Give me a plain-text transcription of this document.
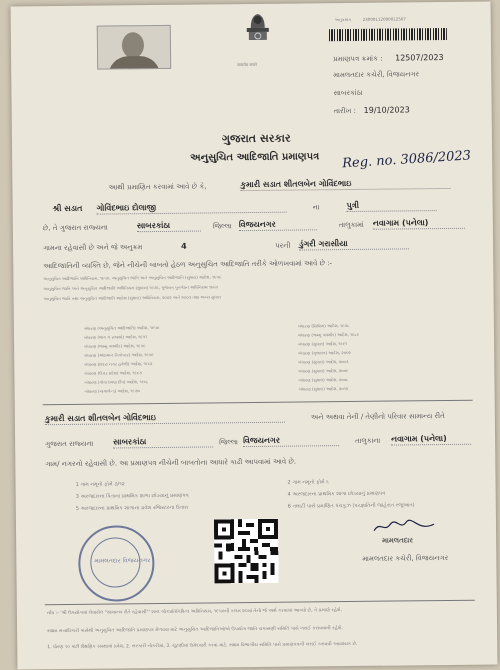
सत्यमेव जयते
અનુક્રમાંક	23000112000012507
પ્રમાણપત્ર ક્રમાંક : 12507/2023
મામલતદાર કચેરી, વિજયનગર
સાબરકાંઠા
તારીખ : 19/10/2023
ગુજરાત સરકાર
અનુસુચિત આદિજાતિ પ્રમાણપત્ર Reg. no. 3086/2023
આથી પ્રમાણિત કરવામાં આવે છે કે,	કુમારી સડાત શીતલબેન ગોવિંદભાઇ
શ્રી સડાત ગોવિંદભાઇ દોલાજી	ના	પુત્રી
છે, તે ગુજરાત રાજ્યના	સાબરકાંઠા	જિલ્લા વિજયનગર	તાલુકામાં નવાગામ (પનેલા)
ગામના રહેવાસી છે અને જે અનુક્રમ	4	પરની ડુંગરી ગરાસીયા
આદિજાતિની વ્યક્તિ છે, જેને નીચેની બાબતો હેઠળ અનુસુચિત આદિજાતિ તરીકે ઓળખવામાં આવે છે :-
અનુસુચિત આદિજાતિ અધિનિયમ, ૧૯૫૦, અનુસુચિત જાતિ અને અનુસુચિત આદિજાતિ (સુધારા) આદેશ, ૧૯૫૬
અનુસુચિત જાતિ અને અનુસુચિત આદિજાતિ અધિનિયમ (સુધારા) ૧૯૭૬, ગુજરાત પુનર્ગઠન અધિનિયમ ૧૯૬૦
અનુસુચિત જાતિ તથા અનુસુચિત આદિજાતિ આદેશ (સુધારા) અધિનિયમ, ૨૦૦૨ અને ૨૦૦૩ તથા અન્ય સુધારા
બંધારણ (અનુસુચિત આદિજાતિ) આદેશ, ૧૯૫૦
બંધારણ (ભાગ ગ રાજ્યો) આદેશ, ૧૯૫૧
બંધારણ (જમ્મુ કાશ્મીર) આદેશ, ૧૯૫૬
બંધારણ (અંદામાન નિકોબાર) આદેશ, ૧૯૫૯
બંધારણ (દાદરા નગર હવેલી) આદેશ, ૧૯૬૨
બંધારણ (ઉત્તર પ્રદેશ) આદેશ, ૧૯૬૭
બંધારણ (ગોવા દમણ દીવ) આદેશ, ૧૯૬૮
બંધારણ (નાગાલેન્ડ) આદેશ, ૧૯૭૦
બંધારણ (સિક્કિમ) આદેશ, ૧૯૭૮
બંધારણ (જમ્મુ કાશ્મીર) આદેશ, ૧૯૮૯
બંધારણ (સુધારા) આદેશ, ૧૯૯૧
બંધારણ (ગુજરાત) આદેશ, ૨૦૦૨
બંધારણ (સુધારા) આદેશ, ૨૦૦૩
બંધારણ (સુધારા) આદેશ, ૨૦૦૬
બંધારણ (સુધારા) આદેશ, ૨૦૦૮
બંધારણ (સુધારા) આદેશ, ૨૦૧૨
કુમારી સડાત શીતલબેન ગોવિંદભાઇ	અને અથવા તેની / તેણીનો પરિવાર સામાન્ય રીતે
ગુજરાત રાજ્યના સાબરકાંઠા	જિલ્લા વિજયનગર	તાલુકાના નવાગામ (પનેલા)
ગામ/ નગરનો રહેવાસી છે. આ પ્રમાણપત્ર નીચેની બાબતોના આધારે કાઢી આપવામાં આવે છે.
1 ગામ નમૂનો ફોર્મ ૭/૧૨
3 અરજદારના પિતાના પ્રાથમિક શાળા છોડયાનું પ્રમાણપત્ર
5 અરજદારના પ્રાથમિક શાળાના પ્રવેશ રજિસ્ટરના ઉતારા
2 ગામ નમૂનો ફોર્મ ૬
4 અરજદારના પ્રાથમિક શાળા છોડયાનું પ્રમાણપત્ર
6 તલાટી પાસે પ્રમાણિત પંચકૂઝ (પરજ્ઞાતિની જાહેરાત રજૂઆત)
મામલતદાર વિજયનગર
મામલતદાર
મામલતદાર કચેરી, વિજયનગર
નોંધ :- 'શ્રી ઉપયોગમાં લેવાયેલ "સામાન્ય રીતે રહેવાસી"' શબ્દ લોકપ્રતિનિધિત્વ અધિનિયમ, ૧૯૫૦ની કલમ ૨૦માં તેનો જે અર્થ કરવામાં આવ્યો છે, તે પ્રમાણે રહેશે.
સક્ષમ સત્તાધિકારી પાસેથી અનુસુચિત આદિજાતિ પ્રમાણપત્ર મેળવવા માટે અનુસુચિત આદિજાતિઓએ ઉપયોગ જાતિ ચકાસણી સમિતિ પાસે ખરાઈ કરાવવાની રહેશે.
1. ધોરણ ૧૦ પછી શૈક્ષણિક સંસ્થામાં પ્રવેશ, 2. સરકારી નોકરીમાં, 3. ચૂંટણીમાં ઉમેદવારી કરવા માટે, સક્ષમ વિભાગીય સમિતિ પાસે પ્રમાણપત્રની ખરાઈ કરાવવી આવશ્યક છે.
